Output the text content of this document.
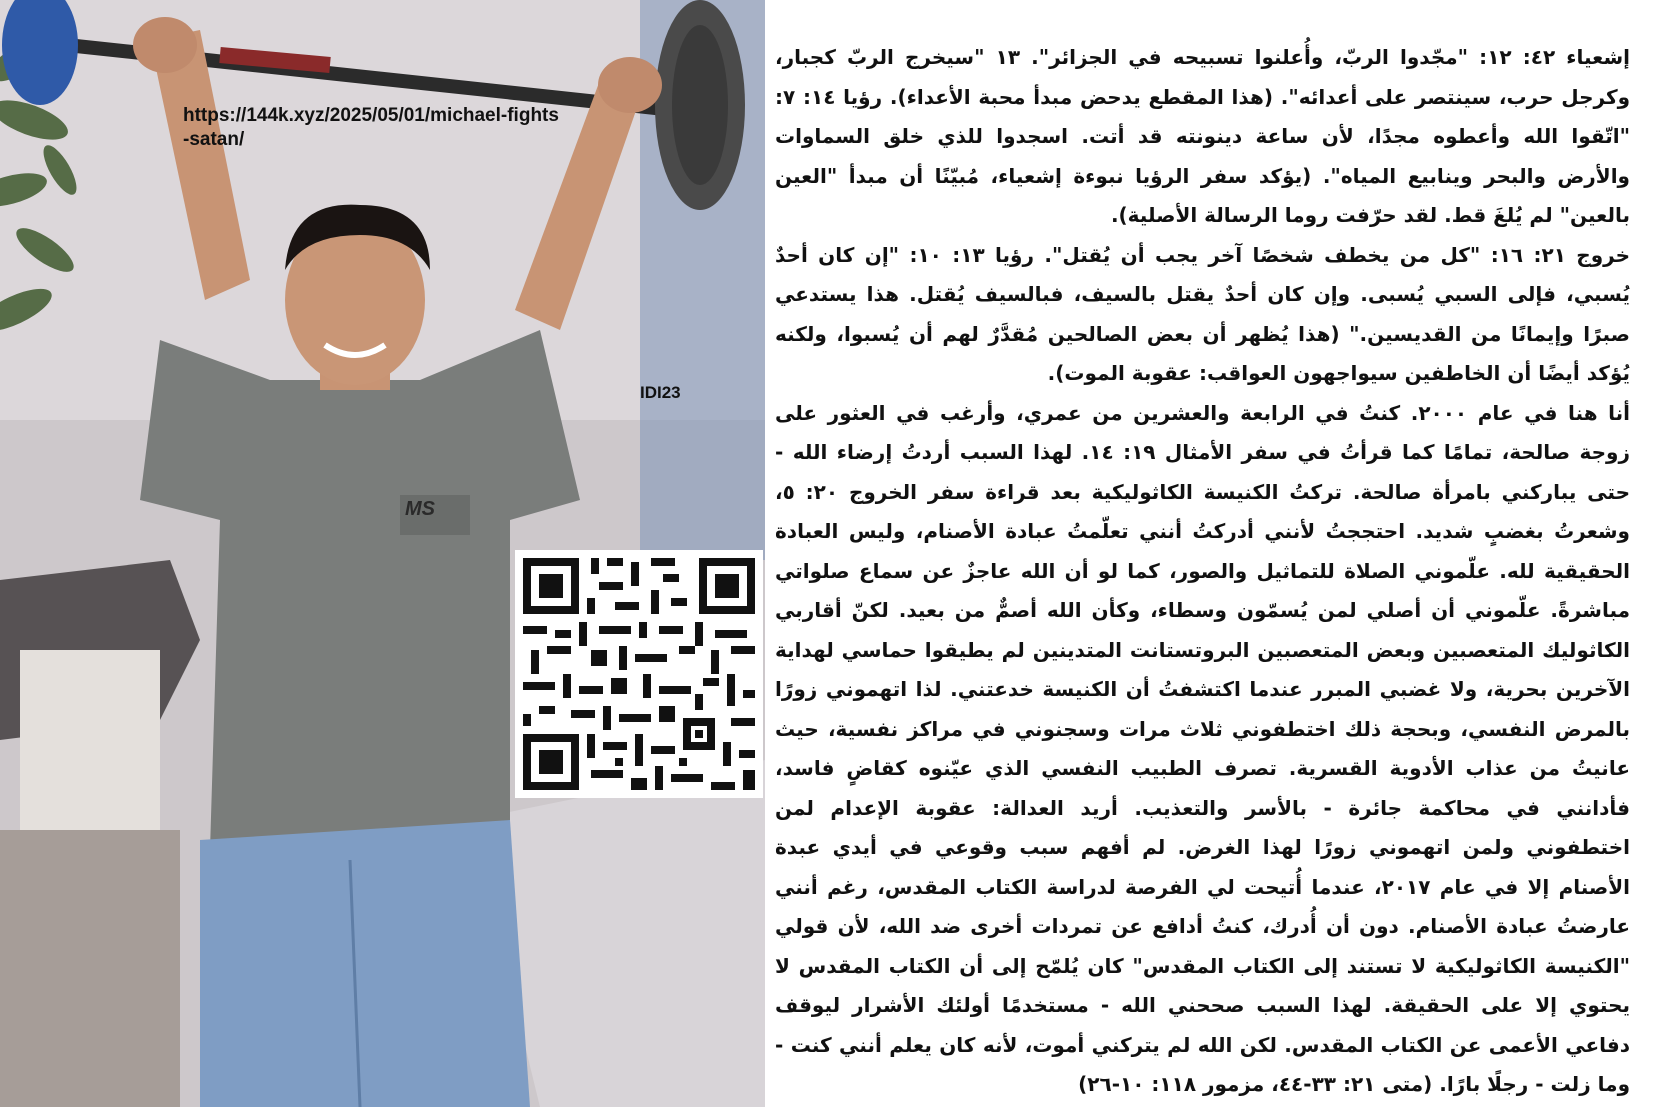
https://144k.xyz/2025/05/01/michael-fights-satan/
IDI23
MS

إشعياء ٤٢: ١٢: "مجّدوا الربّ، وأُعلنوا تسبيحه في الجزائر". ١٣ "سيخرج الربّ كجبار، وكرجل حرب، سينتصر على أعدائه". (هذا المقطع يدحض مبدأ محبة الأعداء). رؤيا ١٤: ٧: "اتّقوا الله وأعطوه مجدًا، لأن ساعة دينونته قد أتت. اسجدوا للذي خلق السماوات والأرض والبحر وينابيع المياه". (يؤكد سفر الرؤيا نبوءة إشعياء، مُبيّنًا أن مبدأ "العين بالعين" لم يُلغَ قط. لقد حرّفت روما الرسالة الأصلية).

خروج ٢١: ١٦: "كل من يخطف شخصًا آخر يجب أن يُقتل". رؤيا ١٣: ١٠: "إن كان أحدٌ يُسبي، فإلى السبي يُسبى. وإن كان أحدٌ يقتل بالسيف، فبالسيف يُقتل. هذا يستدعي صبرًا وإيمانًا من القديسين." (هذا يُظهر أن بعض الصالحين مُقدَّرٌ لهم أن يُسبوا، ولكنه يُؤكد أيضًا أن الخاطفين سيواجهون العواقب: عقوبة الموت).

أنا هنا في عام ٢٠٠٠. كنتُ في الرابعة والعشرين من عمري، وأرغب في العثور على زوجة صالحة، تمامًا كما قرأتُ في سفر الأمثال ١٩: ١٤. لهذا السبب أردتُ إرضاء الله - حتى يباركني بامرأة صالحة. تركتُ الكنيسة الكاثوليكية بعد قراءة سفر الخروج ٢٠: ٥، وشعرتُ بغضبٍ شديد. احتججتُ لأنني أدركتُ أنني تعلّمتُ عبادة الأصنام، وليس العبادة الحقيقية لله. علّموني الصلاة للتماثيل والصور، كما لو أن الله عاجزٌ عن سماع صلواتي مباشرةً. علّموني أن أصلي لمن يُسمّون وسطاء، وكأن الله أصمٌّ من بعيد. لكنّ أقاربي الكاثوليك المتعصبين وبعض المتعصبين البروتستانت المتدينين لم يطيقوا حماسي لهداية الآخرين بحرية، ولا غضبي المبرر عندما اكتشفتُ أن الكنيسة خدعتني. لذا اتهموني زورًا بالمرض النفسي، وبحجة ذلك اختطفوني ثلاث مرات وسجنوني في مراكز نفسية، حيث عانيتُ من عذاب الأدوية القسرية. تصرف الطبيب النفسي الذي عيّنوه كقاضٍ فاسد، فأدانني في محاكمة جائرة - بالأسر والتعذيب. أريد العدالة: عقوبة الإعدام لمن اختطفوني ولمن اتهموني زورًا لهذا الغرض. لم أفهم سبب وقوعي في أيدي عبدة الأصنام إلا في عام ٢٠١٧، عندما أُتيحت لي الفرصة لدراسة الكتاب المقدس، رغم أنني عارضتُ عبادة الأصنام. دون أن أُدرك، كنتُ أدافع عن تمردات أخرى ضد الله، لأن قولي "الكنيسة الكاثوليكية لا تستند إلى الكتاب المقدس" كان يُلمّح إلى أن الكتاب المقدس لا يحتوي إلا على الحقيقة. لهذا السبب صححني الله - مستخدمًا أولئك الأشرار ليوقف دفاعي الأعمى عن الكتاب المقدس. لكن الله لم يتركني أموت، لأنه كان يعلم أنني كنت - وما زلت - رجلًا بارًا. (متى ٢١: ٣٣-٤٤، مزمور ١١٨: ١٠-٢٦)
